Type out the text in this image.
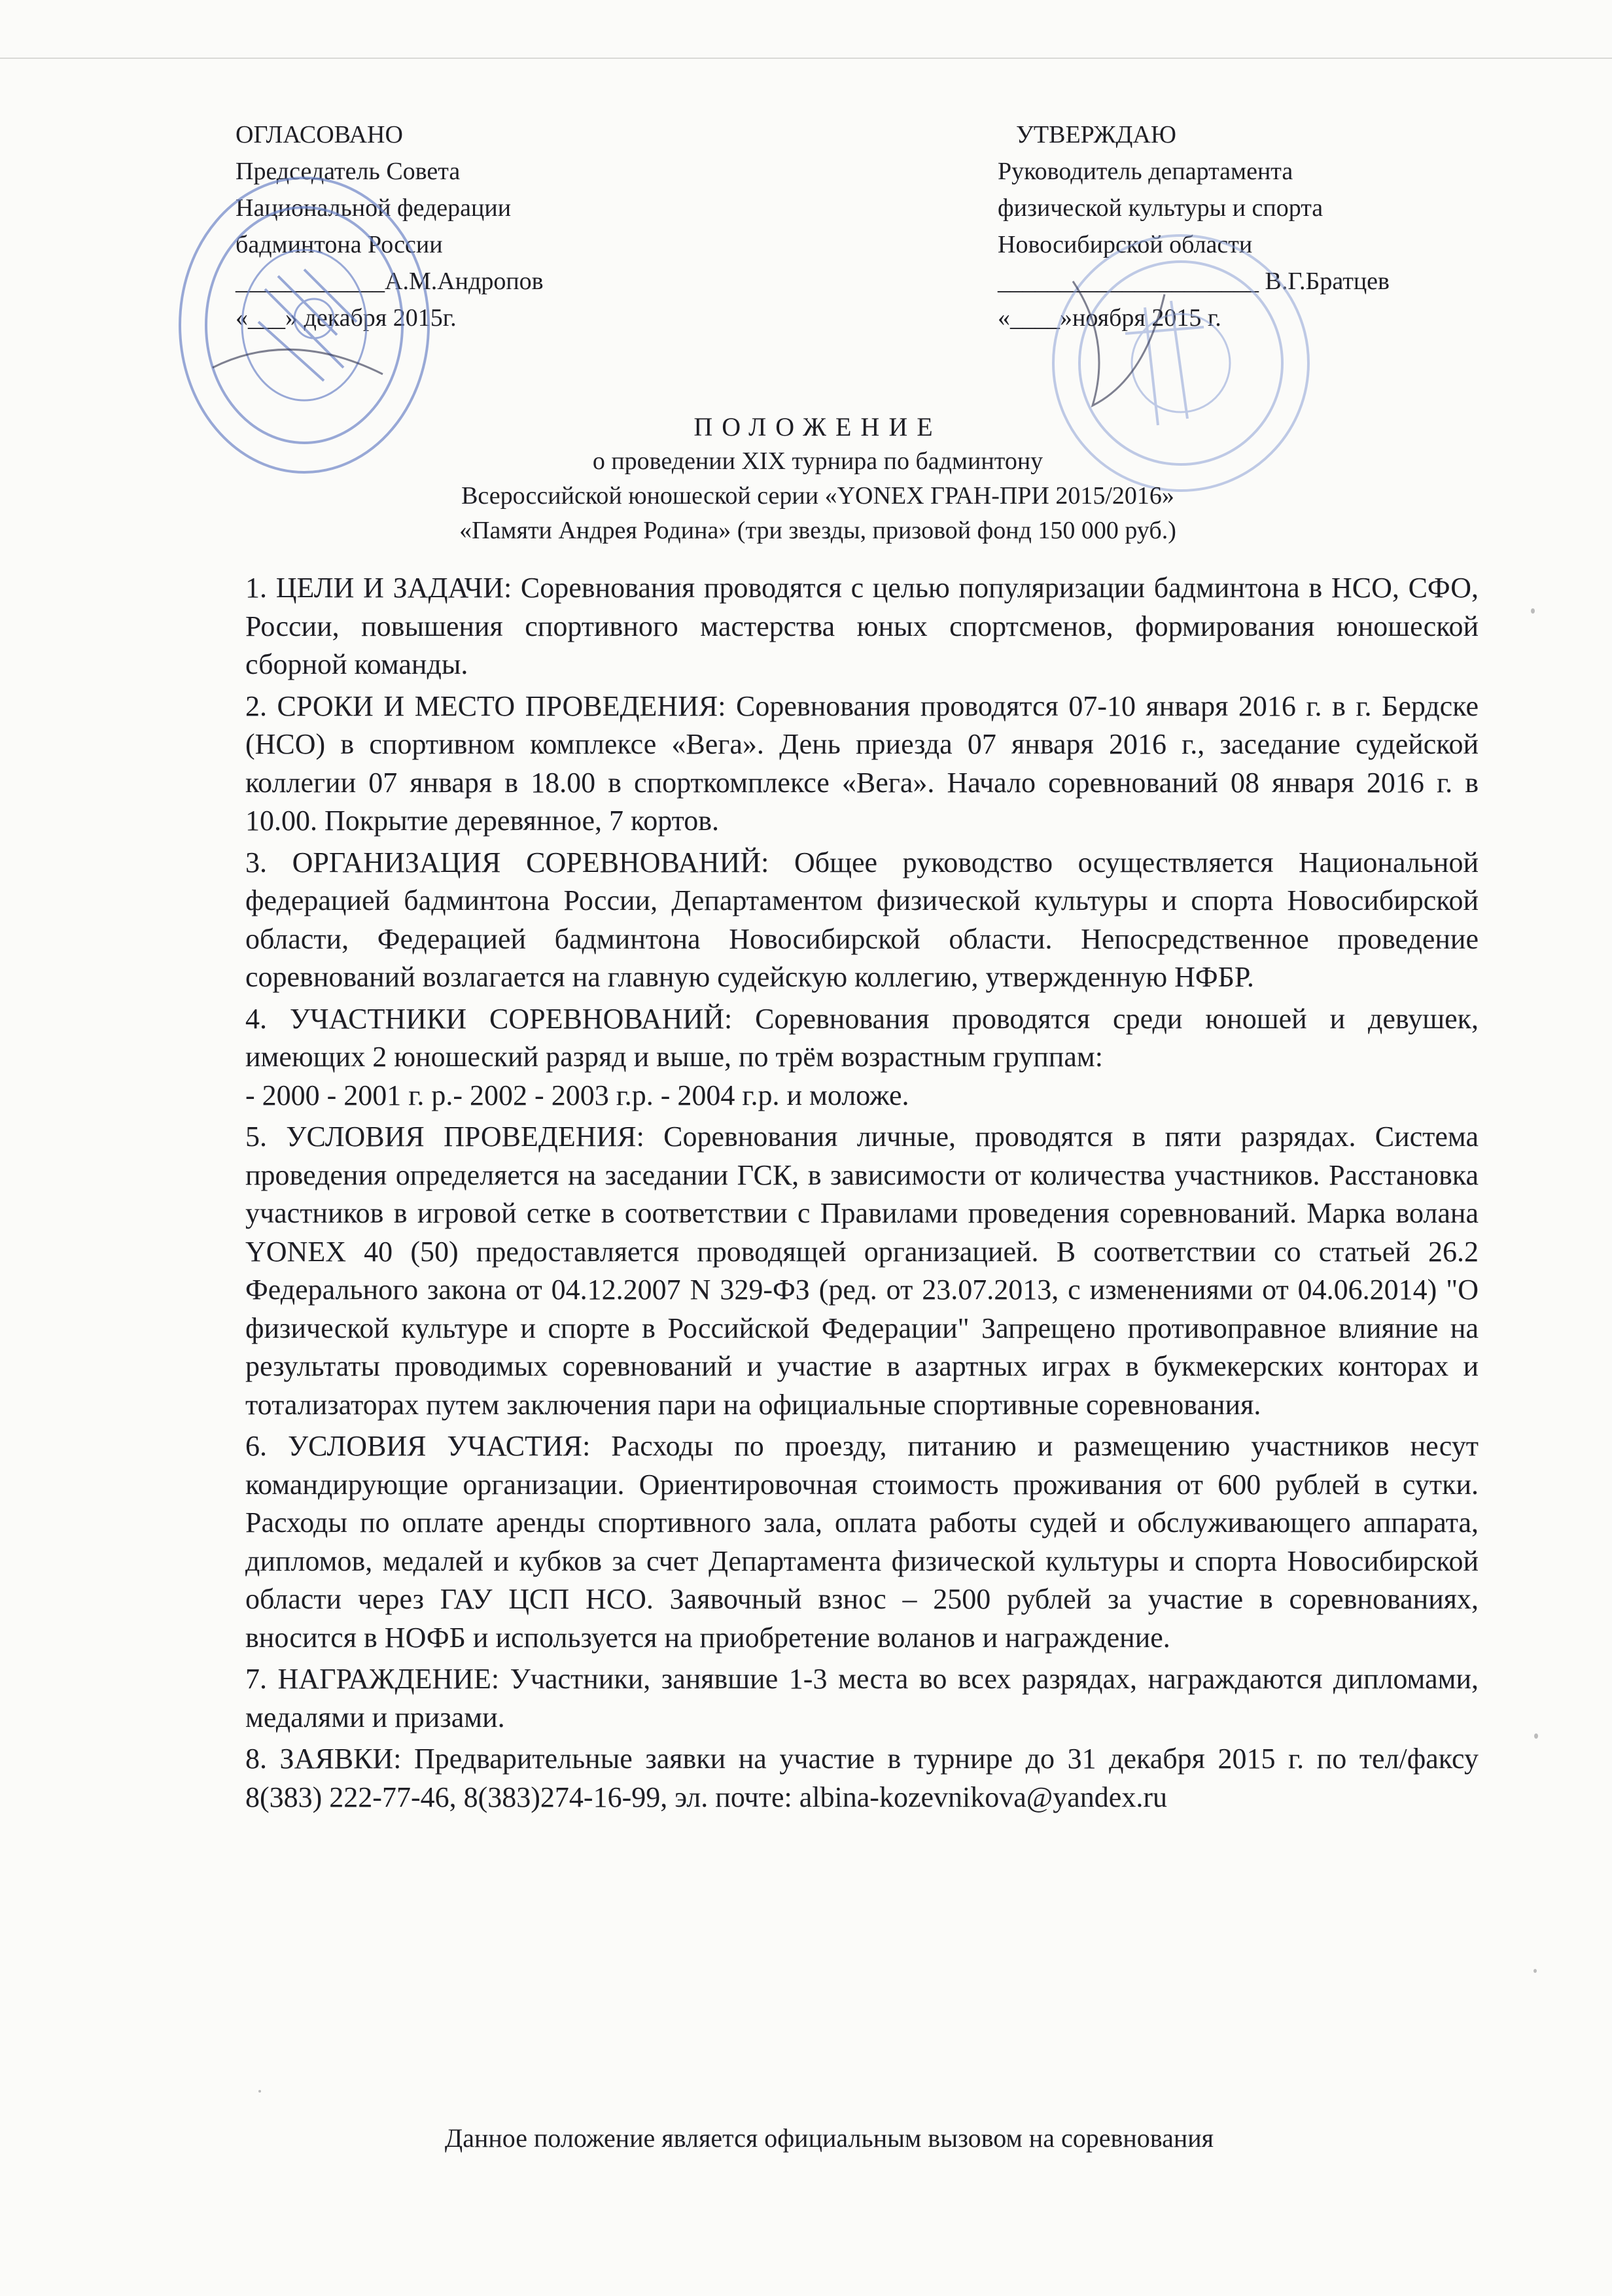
ОГЛАСОВАНО
Председатель Совета
Национальной федерации
бадминтона России
____________А.М.Андропов
«___» декабря 2015г.
УТВЕРЖДАЮ
Руководитель департамента
физической культуры и спорта
Новосибирской области
_____________________ В.Г.Братцев
«____»ноября 2015 г.
ПОЛОЖЕНИЕ
о проведении XIX турнира по бадминтону
Всероссийской юношеской серии «YONEX ГРАН-ПРИ 2015/2016»
«Памяти Андрея Родина» (три звезды, призовой фонд 150 000 руб.)

1. ЦЕЛИ И ЗАДАЧИ: Соревнования проводятся с целью популяризации бадминтона в НСО, СФО, России, повышения спортивного мастерства юных спортсменов, формирования юношеской сборной команды.

2. СРОКИ И МЕСТО ПРОВЕДЕНИЯ: Соревнования проводятся 07-10 января 2016 г. в г. Бердске (НСО) в спортивном комплексе «Вега». День приезда 07 января 2016 г., заседание судейской коллегии 07 января в 18.00 в спорткомплексе «Вега». Начало соревнований 08 января 2016 г. в 10.00. Покрытие деревянное, 7 кортов.

3. ОРГАНИЗАЦИЯ СОРЕВНОВАНИЙ: Общее руководство осуществляется Национальной федерацией бадминтона России, Департаментом физической культуры и спорта Новосибирской области, Федерацией бадминтона Новосибирской области. Непосредственное проведение соревнований возлагается на главную судейскую коллегию, утвержденную НФБР.

4. УЧАСТНИКИ СОРЕВНОВАНИЙ: Соревнования проводятся среди юношей и девушек, имеющих 2 юношеский разряд и выше, по трём возрастным группам:

- 2000 - 2001 г. р.- 2002 - 2003 г.р. - 2004 г.р. и моложе.

5. УСЛОВИЯ ПРОВЕДЕНИЯ: Соревнования личные, проводятся в пяти разрядах. Система проведения определяется на заседании ГСК, в зависимости от количества участников. Расстановка участников в игровой сетке в соответствии с Правилами проведения соревнований. Марка волана YONEX 40 (50) предоставляется проводящей организацией. В соответствии со статьей 26.2 Федерального закона от 04.12.2007 N 329-ФЗ (ред. от 23.07.2013, с изменениями от 04.06.2014) "О физической культуре и спорте в Российской Федерации" Запрещено противоправное влияние на результаты проводимых соревнований и участие в азартных играх в букмекерских конторах и тотализаторах путем заключения пари на официальные спортивные соревнования.

6. УСЛОВИЯ УЧАСТИЯ: Расходы по проезду, питанию и размещению участников несут командирующие организации. Ориентировочная стоимость проживания от 600 рублей в сутки. Расходы по оплате аренды спортивного зала, оплата работы судей и обслуживающего аппарата, дипломов, медалей и кубков за счет Департамента физической культуры и спорта Новосибирской области через ГАУ ЦСП НСО. Заявочный взнос – 2500 рублей за участие в соревнованиях, вносится в НОФБ и используется на приобретение воланов и награждение.

7. НАГРАЖДЕНИЕ: Участники, занявшие 1-3 места во всех разрядах, награждаются дипломами, медалями и призами.

8. ЗАЯВКИ: Предварительные заявки на участие в турнире до 31 декабря 2015 г. по тел/факсу 8(383) 222-77-46, 8(383)274-16-99, эл. почте: albina-kozevnikova@yandex.ru

Данное положение является официальным вызовом на соревнования
